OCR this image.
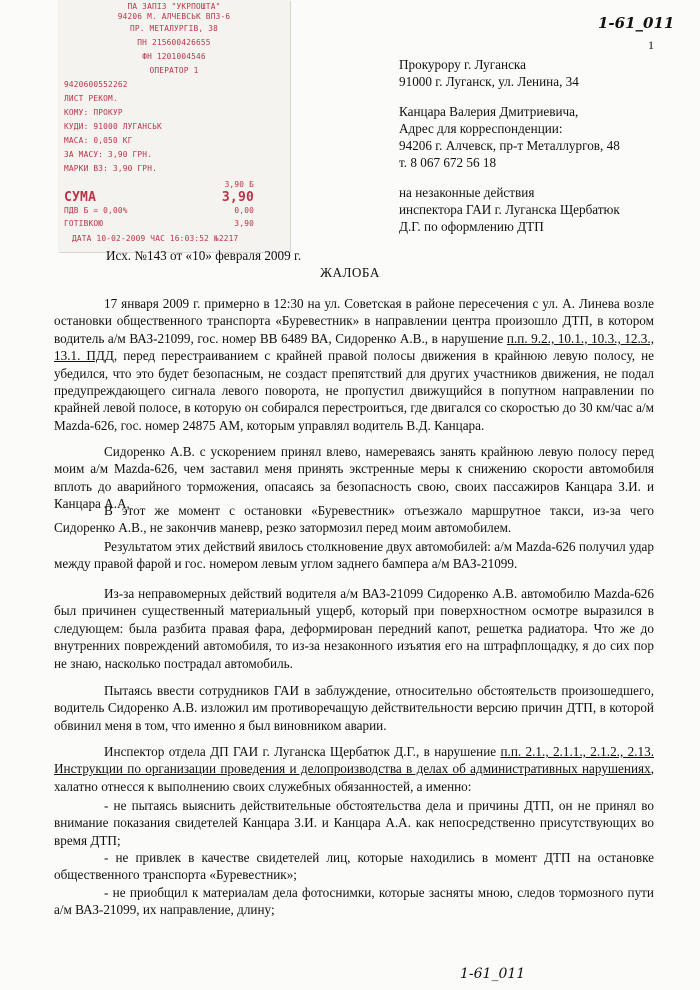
ПА ЗАПІЗ "УКРПОШТА"
94206 М. АЛЧЕВСЬК ВПЗ-6
ПР. МЕТАЛУРГІВ, 38
ПН 215600426655
ФН 1201004546
ОПЕРАТОР 1
9420600552262
ЛИСТ РЕКОМ.
КОМУ: ПРОКУР
КУДИ: 91000 ЛУГАНСЬК
МАСА: 0,050 КГ
ЗА МАСУ: 3,90 ГРН.
МАРКИ ВЗ: 3,90 ГРН.
3,90 Б
СУМА	3,90
ПДВ Б = 0,00%	0,00
ГОТІВКОЮ	3,90
ДАТА 10-02-2009 ЧАС 16:03:52 №2217
1-61_011
1
Прокурору г. Луганска
91000 г. Луганск, ул. Ленина, 34
Канцара Валерия Дмитриевича,
Адрес для корреспонденции:
94206 г. Алчевск, пр-т Металлургов, 48
т. 8 067 672 56 18
на незаконные действия
инспектора ГАИ г. Луганска Щербатюк
Д.Г. по оформлению ДТП
Исх. №143 от «10» февраля 2009 г.
ЖАЛОБА
17 января 2009 г. примерно в 12:30 на ул. Советская в районе пересечения с ул. А. Линева возле остановки общественного транспорта «Буревестник» в направлении центра произошло ДТП, в котором водитель а/м ВАЗ-21099, гос. номер ВВ 6489 ВА, Сидоренко А.В., в нарушение п.п. 9.2., 10.1., 10.3., 12.3., 13.1. ПДД, перед перестраиванием с крайней правой полосы движения в крайнюю левую полосу, не убедился, что это будет безопасным, не создаст препятствий для других участников движения, не подал предупреждающего сигнала левого поворота, не пропустил движущийся в попутном направлении по крайней левой полосе, в которую он собирался перестроиться, где двигался со скоростью до 30 км/час а/м Mazda-626, гос. номер 24875 АМ, которым управлял водитель В.Д. Канцара.
Сидоренко А.В. с ускорением принял влево, намереваясь занять крайнюю левую полосу перед моим а/м Mazda-626, чем заставил меня принять экстренные меры к снижению скорости автомобиля вплоть до аварийного торможения, опасаясь за безопасность свою, своих пассажиров Канцара З.И. и Канцара А.А.
В этот же момент с остановки «Буревестник» отъезжало маршрутное такси, из-за чего Сидоренко А.В., не закончив маневр, резко затормозил перед моим автомобилем.
Результатом этих действий явилось столкновение двух автомобилей: а/м Mazda-626 получил удар между правой фарой и гос. номером левым углом заднего бампера а/м ВАЗ-21099.
Из-за неправомерных действий водителя а/м ВАЗ-21099 Сидоренко А.В. автомобилю Mazda-626 был причинен существенный материальный ущерб, который при поверхностном осмотре выразился в следующем: была разбита правая фара, деформирован передний капот, решетка радиатора. Что же до внутренних повреждений автомобиля, то из-за незаконного изъятия его на штрафплощадку, я до сих пор не знаю, насколько пострадал автомобиль.
Пытаясь ввести сотрудников ГАИ в заблуждение, относительно обстоятельств произошедшего, водитель Сидоренко А.В. изложил им противоречащую действительности версию причин ДТП, в которой обвинил меня в том, что именно я был виновником аварии.
Инспектор отдела ДП ГАИ г. Луганска Щербатюк Д.Г., в нарушение п.п. 2.1., 2.1.1., 2.1.2., 2.13. Инструкции по организации проведения и делопроизводства в делах об административных нарушениях, халатно отнесся к выполнению своих служебных обязанностей, а именно:
- не пытаясь выяснить действительные обстоятельства дела и причины ДТП, он не принял во внимание показания свидетелей Канцара З.И. и Канцара А.А. как непосредственно присутствующих во время ДТП;
- не привлек в качестве свидетелей лиц, которые находились в момент ДТП на остановке общественного транспорта «Буревестник»;
- не приобщил к материалам дела фотоснимки, которые засняты мною, следов тормозного пути а/м ВАЗ-21099, их направление, длину;
1-61_011
